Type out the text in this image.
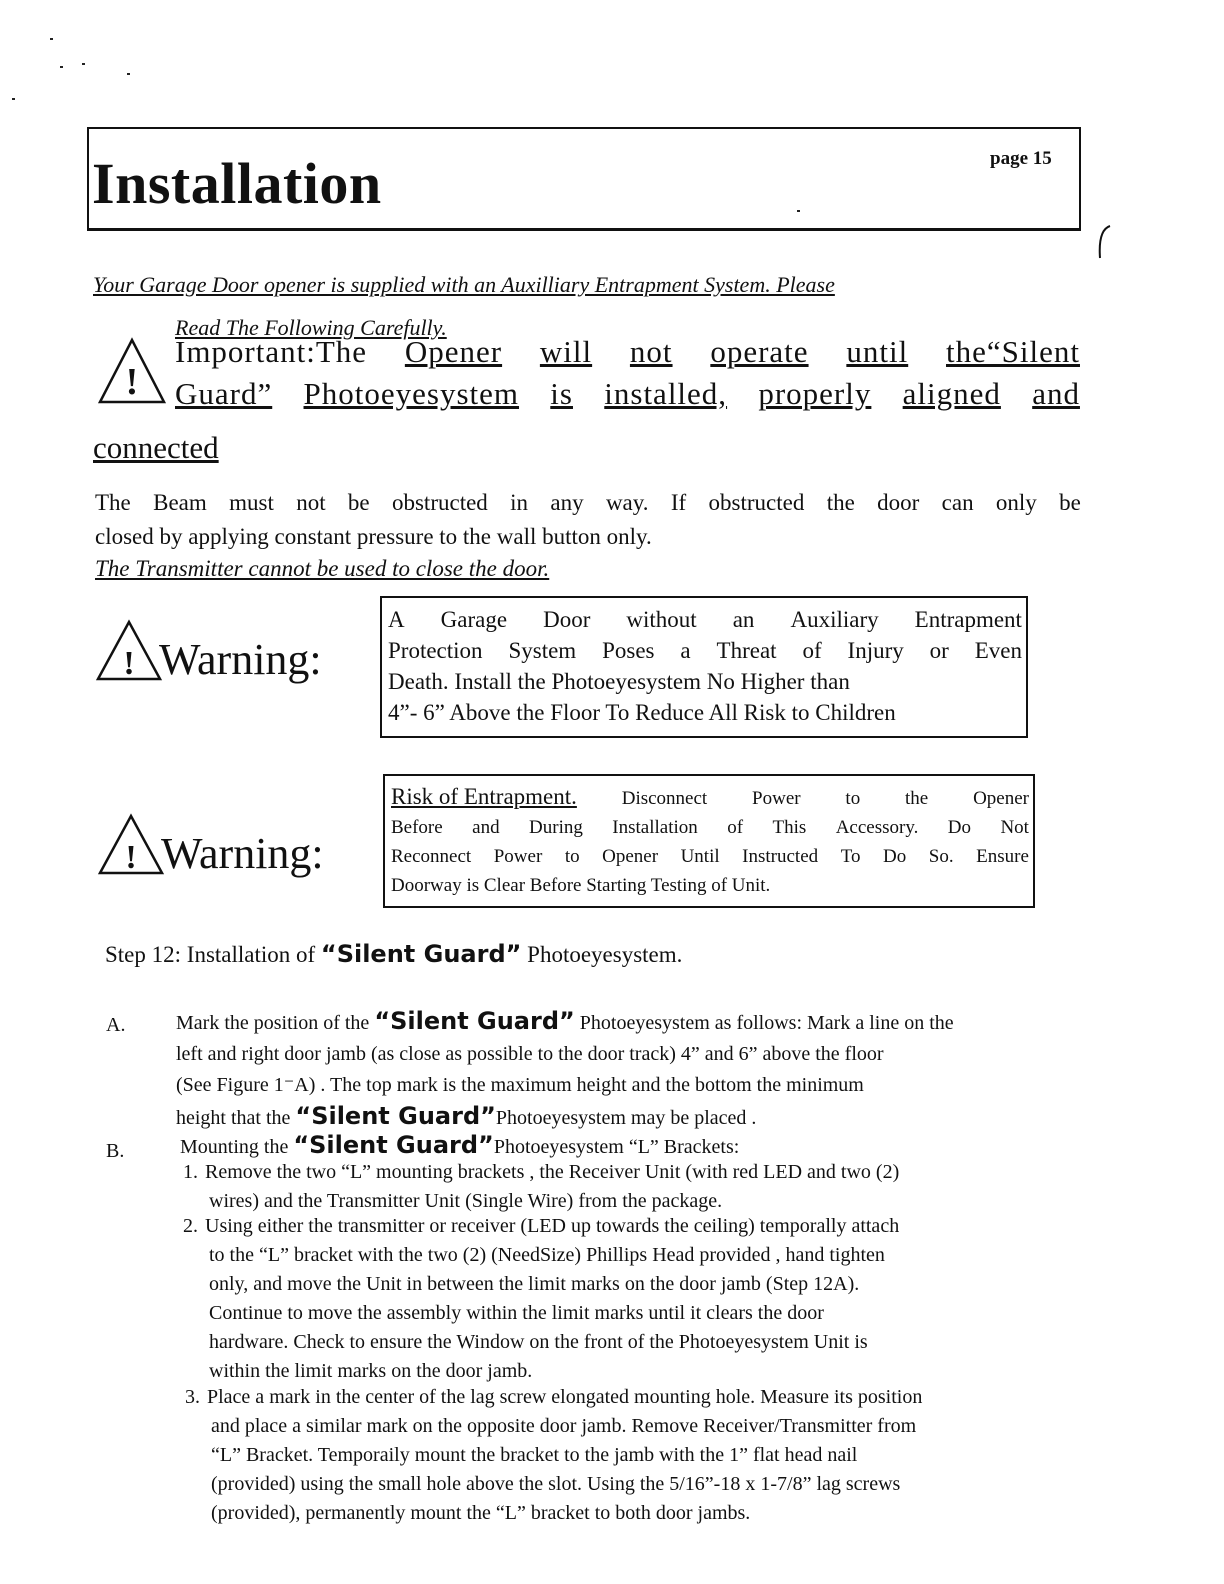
Installation	page 15
Your Garage Door opener is supplied with an Auxilliary Entrapment System. Please
Read The Following Carefully.
!
Important:The Opener will not operate until the“Silent
Guard” Photoeyesystem is installed, properly aligned and
connected
The Beam must not be obstructed in any way. If obstructed the door can only be
closed by applying constant pressure to the wall button only.
The Transmitter cannot be used to close the door.
! Warning:
A Garage Door without an Auxiliary Entrapment
Protection System Poses a Threat of Injury or Even
Death. Install the Photoeyesystem No Higher than
4”- 6” Above the Floor To Reduce All Risk to Children
! Warning:
Risk of Entrapment. Disconnect Power to the Opener
Before and During Installation of This Accessory. Do Not
Reconnect Power to Opener Until Instructed To Do So. Ensure
Doorway is Clear Before Starting Testing of Unit.
Step 12: Installation of “Silent Guard” Photoeyesystem.
A.	Mark the position of the “Silent Guard” Photoeyesystem as follows: Mark a line on the
left and right door jamb (as close as possible to the door track) 4” and 6” above the floor
(See Figure 1⁻A) . The top mark is the maximum height and the bottom the minimum
height that the “Silent Guard”Photoeyesystem may be placed .
B.	Mounting the “Silent Guard”Photoeyesystem “L” Brackets:
1. Remove the two “L” mounting brackets , the Receiver Unit (with red LED and two (2)
wires) and the Transmitter Unit (Single Wire) from the package.
2. Using either the transmitter or receiver (LED up towards the ceiling) temporally attach
to the “L” bracket with the two (2) (NeedSize) Phillips Head provided , hand tighten
only, and move the Unit in between the limit marks on the door jamb (Step 12A).
Continue to move the assembly within the limit marks until it clears the door
hardware. Check to ensure the Window on the front of the Photoeyesystem Unit is
within the limit marks on the door jamb.
3. Place a mark in the center of the lag screw elongated mounting hole. Measure its position
and place a similar mark on the opposite door jamb. Remove Receiver/Transmitter from
“L” Bracket. Temporaily mount the bracket to the jamb with the 1” flat head nail
(provided) using the small hole above the slot. Using the 5/16”-18 x 1-7/8” lag screws
(provided), permanently mount the “L” bracket to both door jambs.
